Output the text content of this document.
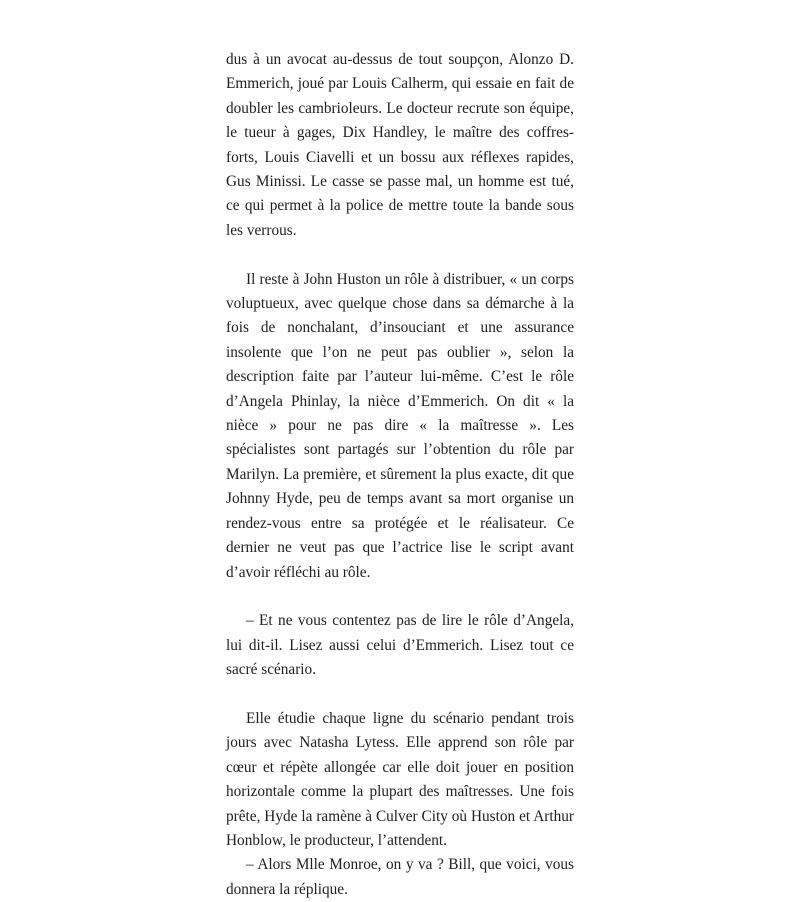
dus à un avocat au-dessus de tout soupçon, Alonzo D. Emmerich, joué par Louis Calherm, qui essaie en fait de doubler les cambrioleurs. Le docteur recrute son équipe, le tueur à gages, Dix Handley, le maître des coffres-forts, Louis Ciavelli et un bossu aux réflexes rapides, Gus Minissi. Le casse se passe mal, un homme est tué, ce qui permet à la police de mettre toute la bande sous les verrous.

Il reste à John Huston un rôle à distribuer, « un corps voluptueux, avec quelque chose dans sa démarche à la fois de nonchalant, d’insouciant et une assurance insolente que l’on ne peut pas oublier », selon la description faite par l’auteur lui-même. C’est le rôle d’Angela Phinlay, la nièce d’Emmerich. On dit « la nièce » pour ne pas dire « la maîtresse ». Les spécialistes sont partagés sur l’obtention du rôle par Marilyn. La première, et sûrement la plus exacte, dit que Johnny Hyde, peu de temps avant sa mort organise un rendez-vous entre sa protégée et le réalisateur. Ce dernier ne veut pas que l’actrice lise le script avant d’avoir réfléchi au rôle.

– Et ne vous contentez pas de lire le rôle d’Angela, lui dit-il. Lisez aussi celui d’Emmerich. Lisez tout ce sacré scénario.

Elle étudie chaque ligne du scénario pendant trois jours avec Natasha Lytess. Elle apprend son rôle par cœur et répète allongée car elle doit jouer en position horizontale comme la plupart des maîtresses. Une fois prête, Hyde la ramène à Culver City où Huston et Arthur Honblow, le producteur, l’attendent.

– Alors Mlle Monroe, on y va ? Bill, que voici, vous donnera la réplique.
